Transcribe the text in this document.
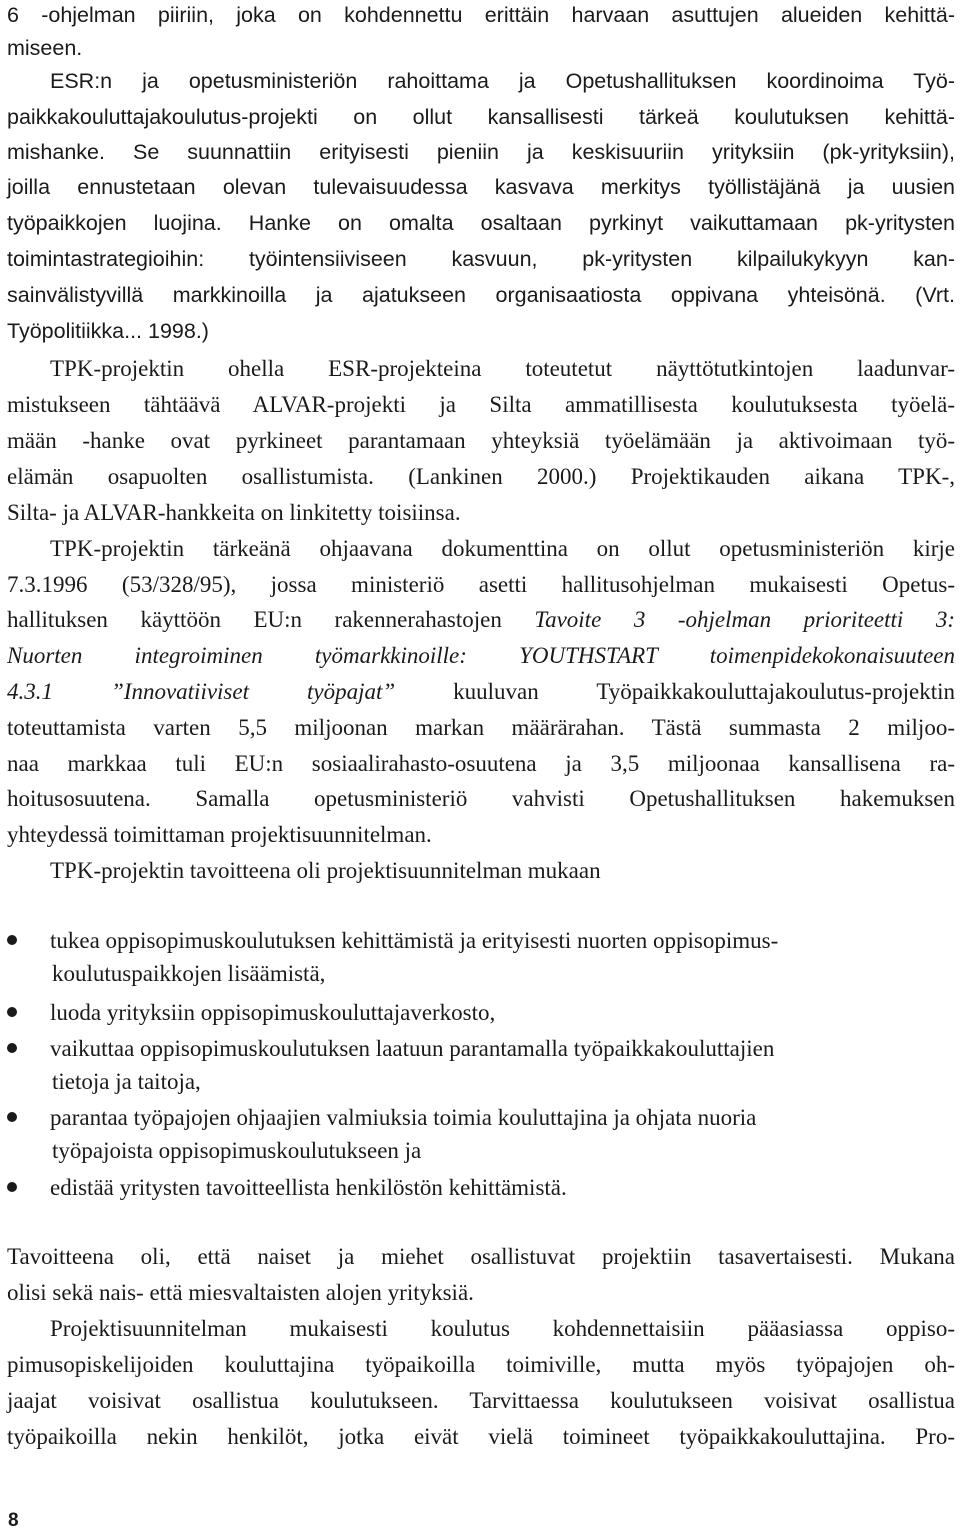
6 -ohjelman piiriin, joka on kohdennettu erittäin harvaan asuttujen alueiden kehittä-
miseen.
ESR:n ja opetusministeriön rahoittama ja Opetushallituksen koordinoima Työ-
paikkakouluttajakoulutus-projekti on ollut kansallisesti tärkeä koulutuksen kehittä-
mishanke. Se suunnattiin erityisesti pieniin ja keskisuuriin yrityksiin (pk-yrityksiin),
joilla ennustetaan olevan tulevaisuudessa kasvava merkitys työllistäjänä ja uusien
työpaikkojen luojina. Hanke on omalta osaltaan pyrkinyt vaikuttamaan pk-yritysten
toimintastrategioihin: työintensiiviseen kasvuun, pk-yritysten kilpailukykyyn kan-
sainvälistyvillä markkinoilla ja ajatukseen organisaatiosta oppivana yhteisönä. (Vrt.
Työpolitiikka... 1998.)
TPK-projektin ohella ESR-projekteina toteutetut näyttötutkintojen laadunvar-
mistukseen tähtäävä ALVAR-projekti ja Silta ammatillisesta koulutuksesta työelä-
mään -hanke ovat pyrkineet parantamaan yhteyksiä työelämään ja aktivoimaan työ-
elämän osapuolten osallistumista. (Lankinen 2000.) Projektikauden aikana TPK-,
Silta- ja ALVAR-hankkeita on linkitetty toisiinsa.
TPK-projektin tärkeänä ohjaavana dokumenttina on ollut opetusministeriön kirje
7.3.1996 (53/328/95), jossa ministeriö asetti hallitusohjelman mukaisesti Opetus-
hallituksen käyttöön EU:n rakennerahastojen Tavoite 3 -ohjelman prioriteetti 3:
Nuorten integroiminen työmarkkinoille: YOUTHSTART toimenpidekokonaisuuteen
4.3.1 ”Innovatiiviset työpajat” kuuluvan Työpaikkakouluttajakoulutus-projektin
toteuttamista varten 5,5 miljoonan markan määrärahan. Tästä summasta 2 miljoo-
naa markkaa tuli EU:n sosiaalirahasto-osuutena ja 3,5 miljoonaa kansallisena ra-
hoitusosuutena. Samalla opetusministeriö vahvisti Opetushallituksen hakemuksen
yhteydessä toimittaman projektisuunnitelman.
TPK-projektin tavoitteena oli projektisuunnitelman mukaan
tukea oppisopimuskoulutuksen kehittämistä ja erityisesti nuorten oppisopimus-
koulutuspaikkojen lisäämistä,
luoda yrityksiin oppisopimuskouluttajaverkosto,
vaikuttaa oppisopimuskoulutuksen laatuun parantamalla työpaikkakouluttajien
tietoja ja taitoja,
parantaa työpajojen ohjaajien valmiuksia toimia kouluttajina ja ohjata nuoria
työpajoista oppisopimuskoulutukseen ja
edistää yritysten tavoitteellista henkilöstön kehittämistä.
Tavoitteena oli, että naiset ja miehet osallistuvat projektiin tasavertaisesti. Mukana
olisi sekä nais- että miesvaltaisten alojen yrityksiä.
Projektisuunnitelman mukaisesti koulutus kohdennettaisiin pääasiassa oppiso-
pimusopiskelijoiden kouluttajina työpaikoilla toimiville, mutta myös työpajojen oh-
jaajat voisivat osallistua koulutukseen. Tarvittaessa koulutukseen voisivat osallistua
työpaikoilla nekin henkilöt, jotka eivät vielä toimineet työpaikkakouluttajina. Pro-
8
